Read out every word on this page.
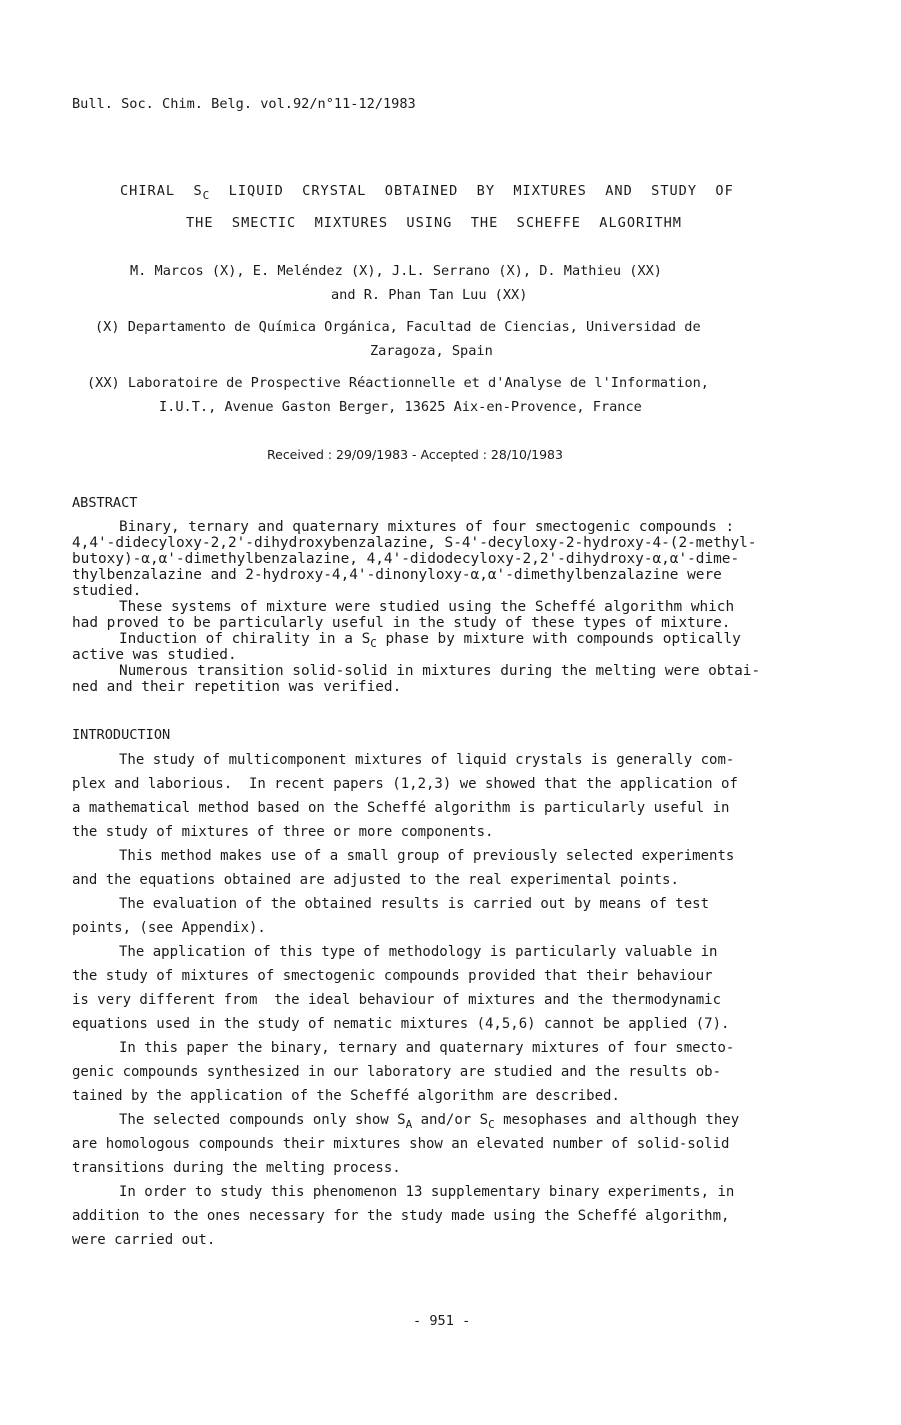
Bull. Soc. Chim. Belg. vol.92/n°11-12/1983
CHIRAL  $S_C$  LIQUID  CRYSTAL  OBTAINED  BY  MIXTURES  AND  STUDY  OF
THE  SMECTIC  MIXTURES  USING  THE  SCHEFFE  ALGORITHM
M. Marcos (X), E. Meléndez (X), J.L. Serrano (X), D. Mathieu (XX)
and R. Phan Tan Luu (XX)
(X) Departamento de Química Orgánica, Facultad de Ciencias, Universidad de
Zaragoza, Spain
(XX) Laboratoire de Prospective Réactionnelle et d'Analyse de l'Information,
I.U.T., Avenue Gaston Berger, 13625 Aix-en-Provence, France
Received : 29/09/1983 - Accepted : 28/10/1983
ABSTRACT
Binary, ternary and quaternary mixtures of four smectogenic compounds :
4,4'-didecyloxy-2,2'-dihydroxybenzalazine, S-4'-decyloxy-2-hydroxy-4-(2-methyl-
butoxy)-α,α'-dimethylbenzalazine, 4,4'-didodecyloxy-2,2'-dihydroxy-α,α'-dime-
thylbenzalazine and 2-hydroxy-4,4'-dinonyloxy-α,α'-dimethylbenzalazine were
studied.
These systems of mixture were studied using the Scheffé algorithm which
had proved to be particularly useful in the study of these types of mixture.
Induction of chirality in a $S_C$ phase by mixture with compounds optically
active was studied.
Numerous transition solid-solid in mixtures during the melting were obtai-
ned and their repetition was verified.
INTRODUCTION
The study of multicomponent mixtures of liquid crystals is generally com-
plex and laborious.  In recent papers (1,2,3) we showed that the application of
a mathematical method based on the Scheffé algorithm is particularly useful in
the study of mixtures of three or more components.
This method makes use of a small group of previously selected experiments
and the equations obtained are adjusted to the real experimental points.
The evaluation of the obtained results is carried out by means of test
points, (see Appendix).
The application of this type of methodology is particularly valuable in
the study of mixtures of smectogenic compounds provided that their behaviour
is very different from  the ideal behaviour of mixtures and the thermodynamic
equations used in the study of nematic mixtures (4,5,6) cannot be applied (7).
In this paper the binary, ternary and quaternary mixtures of four smecto-
genic compounds synthesized in our laboratory are studied and the results ob-
tained by the application of the Scheffé algorithm are described.
The selected compounds only show $S_A$ and/or $S_C$ mesophases and although they
are homologous compounds their mixtures show an elevated number of solid-solid
transitions during the melting process.
In order to study this phenomenon 13 supplementary binary experiments, in
addition to the ones necessary for the study made using the Scheffé algorithm,
were carried out.
- 951 -
